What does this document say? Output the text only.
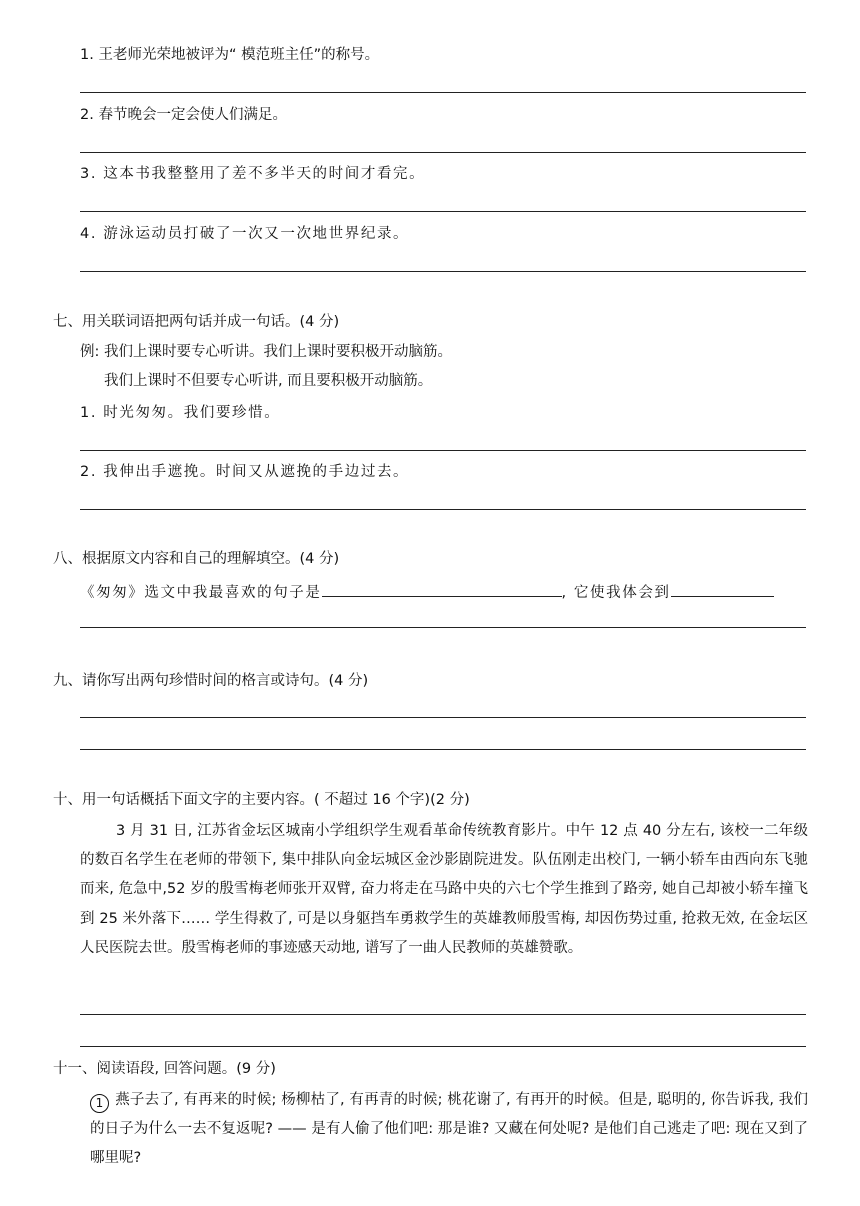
1. 王老师光荣地被评为“ 模范班主任”的称号。
2. 春节晚会一定会使人们满足。
3. 这本书我整整用了差不多半天的时间才看完。
4. 游泳运动员打破了一次又一次地世界纪录。
七、用关联词语把两句话并成一句话。(4 分)
例: 我们上课时要专心听讲。我们上课时要积极开动脑筋。
我们上课时不但要专心听讲, 而且要积极开动脑筋。
1. 时光匆匆。我们要珍惜。
2. 我伸出手遮挽。时间又从遮挽的手边过去。
八、根据原文内容和自己的理解填空。(4 分)
《匆匆》选文中我最喜欢的句子是	, 它使我体会到
九、请你写出两句珍惜时间的格言或诗句。(4 分)
十、用一句话概括下面文字的主要内容。( 不超过 16 个字)(2 分)
3 月 31 日, 江苏省金坛区城南小学组织学生观看革命传统教育影片。中午 12 点 40 分左右, 该校一二年级的数百名学生在老师的带领下, 集中排队向金坛城区金沙影剧院进发。队伍刚走出校门, 一辆小轿车由西向东飞驰而来, 危急中,52 岁的殷雪梅老师张开双臂, 奋力将走在马路中央的六七个学生推到了路旁, 她自己却被小轿车撞飞到 25 米外落下…… 学生得救了, 可是以身躯挡车勇救学生的英雄教师殷雪梅, 却因伤势过重, 抢救无效, 在金坛区人民医院去世。殷雪梅老师的事迹感天动地, 谱写了一曲人民教师的英雄赞歌。
十一、阅读语段, 回答问题。(9 分)
1 燕子去了, 有再来的时候; 杨柳枯了, 有再青的时候; 桃花谢了, 有再开的时候。但是, 聪明的, 你告诉我, 我们的日子为什么一去不复返呢? —— 是有人偷了他们吧: 那是谁? 又藏在何处呢? 是他们自己逃走了吧: 现在又到了哪里呢?
